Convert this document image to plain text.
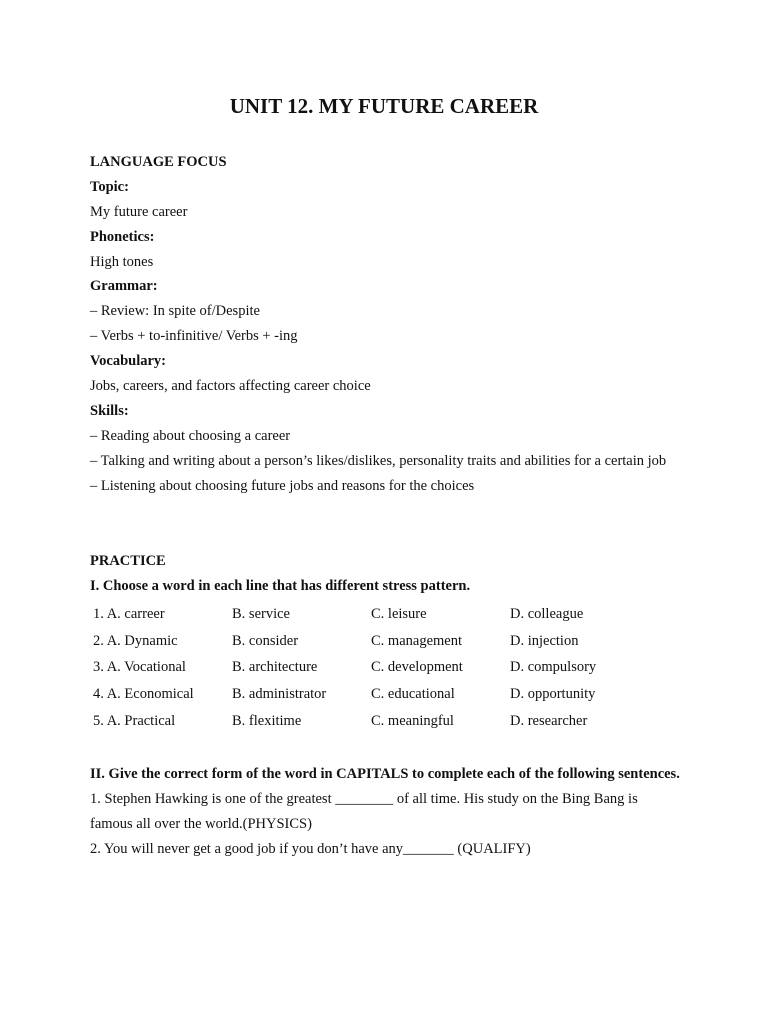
UNIT 12. MY FUTURE CAREER
LANGUAGE FOCUS
Topic:
My future career
Phonetics:
High tones
Grammar:
– Review: In spite of/Despite
– Verbs + to-infinitive/ Verbs + -ing
Vocabulary:
Jobs, careers, and factors affecting career choice
Skills:
– Reading about choosing a career
– Talking and writing about a person’s likes/dislikes, personality traits and abilities for a certain job
– Listening about choosing future jobs and reasons for the choices
PRACTICE
I. Choose a word in each line that has different stress pattern.
1. A. carreer	B. service	C. leisure	D. colleague
2. A. Dynamic	B. consider	C. management	D. injection
3. A. Vocational	B. architecture	C. development	D. compulsory
4. A. Economical	B. administrator	C. educational	D. opportunity
5. A. Practical	B. flexitime	C. meaningful	D. researcher
II. Give the correct form of the word in CAPITALS to complete each of the following sentences.
1. Stephen Hawking is one of the greatest ________ of all time. His study on the Bing Bang is famous all over the world.(PHYSICS)
2. You will never get a good job if you don’t have any_______ (QUALIFY)
